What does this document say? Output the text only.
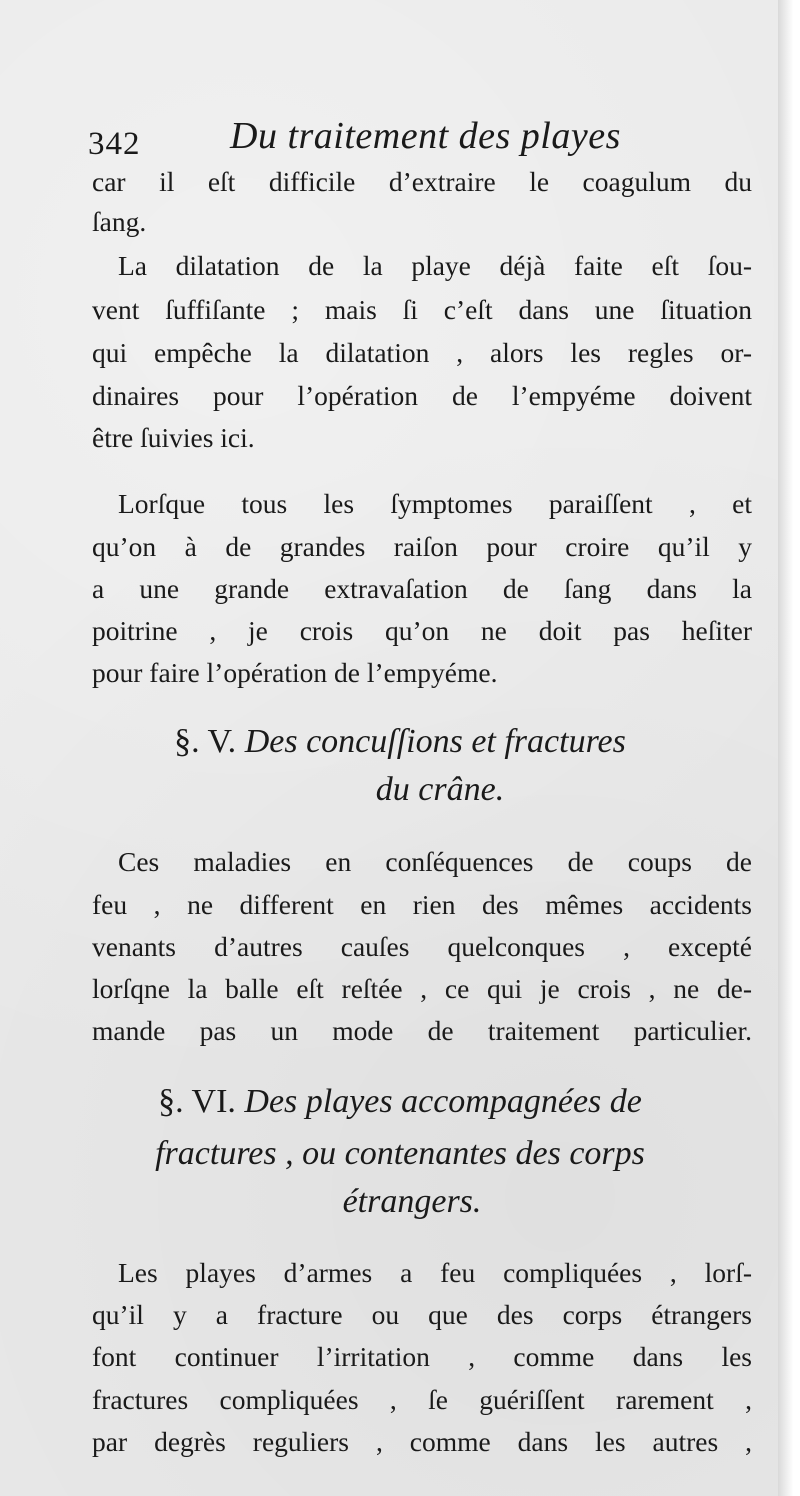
342 Du traitement des playes
car il eſt difficile d’extraire le coagulum du
ſang.
La dilatation de la playe déjà faite eſt ſou-
vent ſuffiſante ; mais ſi c’eſt dans une ſituation
qui empêche la dilatation , alors les regles or-
dinaires pour l’opération de l’empyéme doivent
être ſuivies ici.
Lorſque tous les ſymptomes paraiſſent , et
qu’on à de grandes raiſon pour croire qu’il y
a une grande extravaſation de ſang dans la
poitrine , je crois qu’on ne doit pas heſiter
pour faire l’opération de l’empyéme.
§. V. Des concuſſions et fractures
du crâne.
Ces maladies en conſéquences de coups de
feu , ne different en rien des mêmes accidents
venants d’autres cauſes quelconques , excepté
lorſqne la balle eſt reſtée , ce qui je crois , ne de-
mande pas un mode de traitement particulier.
§. VI. Des playes accompagnées de
fractures , ou contenantes des corps
étrangers.
Les playes d’armes a feu compliquées , lorſ-
qu’il y a fracture ou que des corps étrangers
font continuer l’irritation , comme dans les
fractures compliquées , ſe guériſſent rarement ,
par degrès reguliers , comme dans les autres ,
